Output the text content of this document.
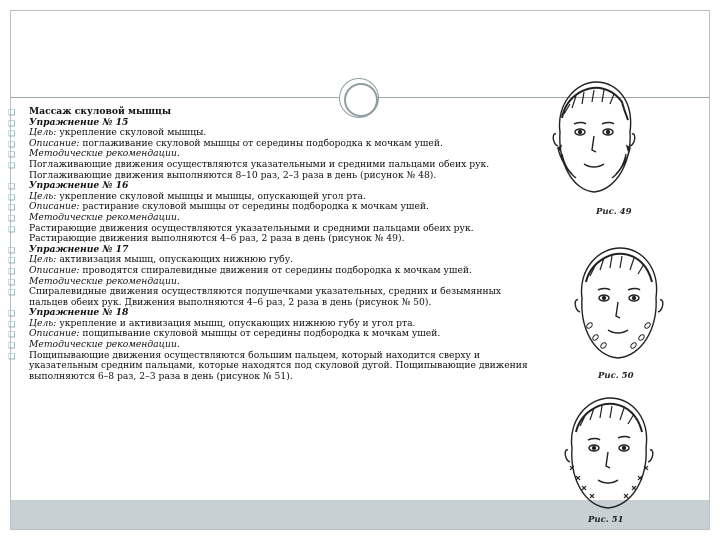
❏ Массаж скуловой мышцы
❏ Упражнение № 15
❏ Цель: укрепление скуловой мышцы.
❏ Описание: поглаживание скуловой мышцы от середины подбородка к мочкам ушей.
❏ Методические рекомендации.
❏ Поглаживающие движения осуществляются указательными и средними пальцами обеих рук. Поглаживающие движения выполняются 8–10 раз, 2–3 раза в день (рисунок № 48).
❏ Упражнение № 16
❏ Цель: укрепление скуловой мышцы и мышцы, опускающей угол рта.
❏ Описание: растирание скуловой мышцы от середины подбородка к мочкам ушей.
❏ Методические рекомендации.
❏ Растирающие движения осуществляются указательными и средними пальцами обеих рук. Растирающие движения выполняются 4–6 раз, 2 раза в день (рисунок № 49).
❏ Упражнение № 17
❏ Цель: активизация мышц, опускающих нижнюю губу.
❏ Описание: проводятся спиралевидные движения от середины подбородка к мочкам ушей.
❏ Методические рекомендации.
❏ Спиралевидные движения осуществляются подушечками указательных, средних и безымянных пальцев обеих рук. Движения выполняются 4–6 раз, 2 раза в день (рисунок № 50).
❏ Упражнение № 18
❏ Цель: укрепление и активизация мышц, опускающих нижнюю губу и угол рта.
❏ Описание: пощипывание скуловой мышцы от середины подбородка к мочкам ушей.
❏ Методические рекомендации.
❏ Пощипывающие движения осуществляются большим пальцем, который находится сверху и указательным средним пальцами, которые находятся под скуловой дугой. Пощипывающие движения выполняются 6–8 раз, 2–3 раза в день (рисунок № 51).
Рис. 49
Рис. 50
Рис. 51
